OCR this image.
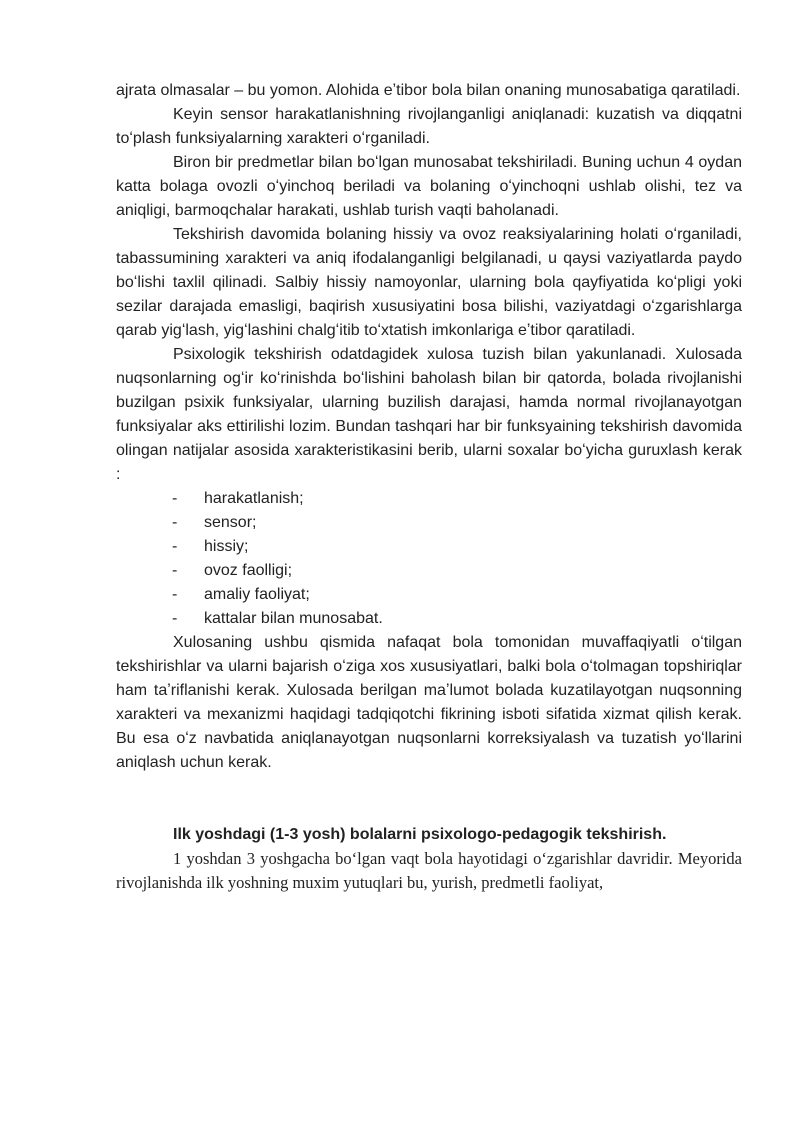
ajrata olmasalar – bu yomon. Alohida eʼtibor bola bilan onaning munosabatiga qaratiladi.

Keyin sensor harakatlanishning rivojlanganligi aniqlanadi: kuzatish va diqqatni toʻplash funksiyalarning xarakteri oʻrganiladi.

Biron bir predmetlar bilan boʻlgan munosabat tekshiriladi. Buning uchun 4 oydan katta bolaga ovozli oʻyinchoq beriladi va bolaning oʻyinchoqni ushlab olishi, tez va aniqligi, barmoqchalar harakati, ushlab turish vaqti baholanadi.

Tekshirish davomida bolaning hissiy va ovoz reaksiyalarining holati oʻrganiladi, tabassumining xarakteri va aniq ifodalanganligi belgilanadi, u qaysi vaziyatlarda paydo boʻlishi taxlil qilinadi. Salbiy hissiy namoyonlar, ularning bola qayfiyatida koʻpligi yoki sezilar darajada emasligi, baqirish xususiyatini bosa bilishi, vaziyatdagi oʻzgarishlarga qarab yigʻlash, yigʻlashini chalgʻitib toʻxtatish imkonlariga eʼtibor qaratiladi.

Psixologik tekshirish odatdagidek xulosa tuzish bilan yakunlanadi. Xulosada nuqsonlarning ogʻir koʻrinishda boʻlishini baholash bilan bir qatorda, bolada rivojlanishi buzilgan psixik funksiyalar, ularning buzilish darajasi, hamda normal rivojlanayotgan funksiyalar aks ettirilishi lozim. Bundan tashqari har bir funksyaining tekshirish davomida olingan natijalar asosida xarakteristikasini berib, ularni soxalar boʻyicha guruxlash kerak :

- harakatlanish;
- sensor;
- hissiy;
- ovoz faolligi;
- amaliy faoliyat;
- kattalar bilan munosabat.

Xulosaning ushbu qismida nafaqat bola tomonidan muvaffaqiyatli oʻtilgan tekshirishlar va ularni bajarish oʻziga xos xususiyatlari, balki bola oʻtolmagan topshiriqlar ham taʼriflanishi kerak. Xulosada berilgan maʼlumot bolada kuzatilayotgan nuqsonning xarakteri va mexanizmi haqidagi tadqiqotchi fikrining isboti sifatida xizmat qilish kerak. Bu esa oʻz navbatida aniqlanayotgan nuqsonlarni korreksiyalash va tuzatish yoʻllarini aniqlash uchun kerak.

Ilk yoshdagi (1-3 yosh) bolalarni psixologo-pedagogik tekshirish.

1 yoshdan 3 yoshgacha boʻlgan vaqt bola hayotidagi oʻzgarishlar davridir. Meyorida rivojlanishda ilk yoshning muxim yutuqlari bu, yurish, predmetli faoliyat,
